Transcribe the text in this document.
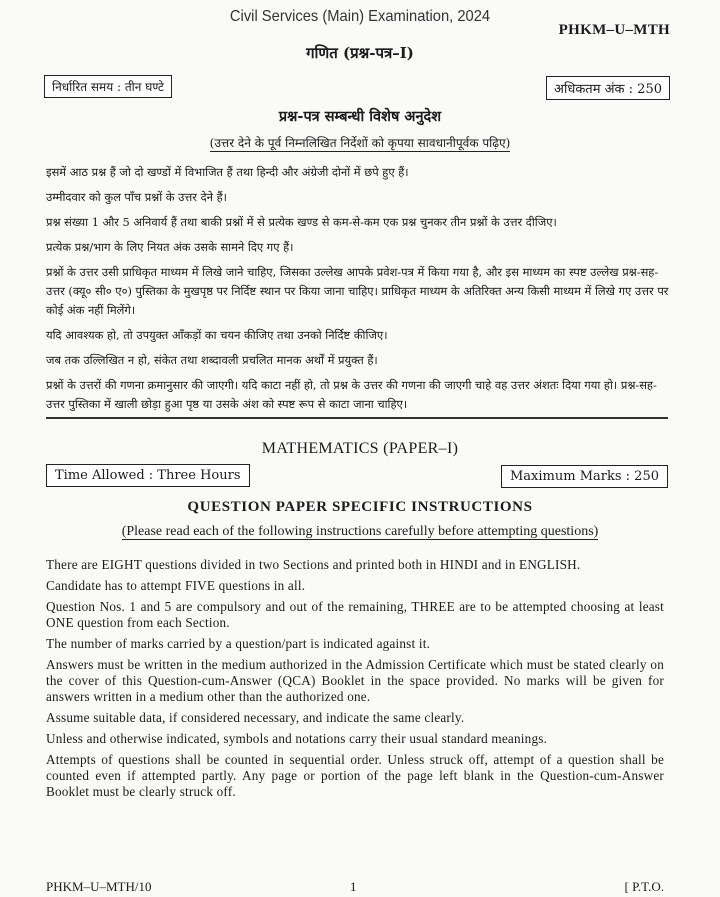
Civil Services (Main) Examination, 2024
PHKM–U–MTH
गणित (प्रश्न-पत्र–I)
निर्धारित समय : तीन घण्टे	अधिकतम अंक : 250
प्रश्न-पत्र सम्बन्धी विशेष अनुदेश
(उत्तर देने के पूर्व निम्नलिखित निर्देशों को कृपया सावधानीपूर्वक पढ़िए)

इसमें आठ प्रश्न हैं जो दो खण्डों में विभाजित हैं तथा हिन्दी और अंग्रेजी दोनों में छपे हुए हैं।

उम्मीदवार को कुल पाँच प्रश्नों के उत्तर देने हैं।

प्रश्न संख्या 1 और 5 अनिवार्य हैं तथा बाकी प्रश्नों में से प्रत्येक खण्ड से कम-से-कम एक प्रश्न चुनकर तीन प्रश्नों के उत्तर दीजिए।

प्रत्येक प्रश्न/भाग के लिए नियत अंक उसके सामने दिए गए हैं।

प्रश्नों के उत्तर उसी प्राधिकृत माध्यम में लिखे जाने चाहिए, जिसका उल्लेख आपके प्रवेश-पत्र में किया गया है, और इस माध्यम का स्पष्ट उल्लेख प्रश्न-सह-उत्तर (क्यू० सी० ए०) पुस्तिका के मुखपृष्ठ पर निर्दिष्ट स्थान पर किया जाना चाहिए। प्राधिकृत माध्यम के अतिरिक्त अन्य किसी माध्यम में लिखे गए उत्तर पर कोई अंक नहीं मिलेंगे।

यदि आवश्यक हो, तो उपयुक्त आँकड़ों का चयन कीजिए तथा उनको निर्दिष्ट कीजिए।

जब तक उल्लिखित न हो, संकेत तथा शब्दावली प्रचलित मानक अर्थों में प्रयुक्त हैं।

प्रश्नों के उत्तरों की गणना क्रमानुसार की जाएगी। यदि काटा नहीं हो, तो प्रश्न के उत्तर की गणना की जाएगी चाहे वह उत्तर अंशतः दिया गया हो। प्रश्न-सह-उत्तर पुस्तिका में खाली छोड़ा हुआ पृष्ठ या उसके अंश को स्पष्ट रूप से काटा जाना चाहिए।

MATHEMATICS (PAPER–I)
Time Allowed : Three Hours	Maximum Marks : 250
QUESTION PAPER SPECIFIC INSTRUCTIONS
(Please read each of the following instructions carefully before attempting questions)

There are EIGHT questions divided in two Sections and printed both in HINDI and in ENGLISH.

Candidate has to attempt FIVE questions in all.

Question Nos. 1 and 5 are compulsory and out of the remaining, THREE are to be attempted choosing at least ONE question from each Section.

The number of marks carried by a question/part is indicated against it.

Answers must be written in the medium authorized in the Admission Certificate which must be stated clearly on the cover of this Question-cum-Answer (QCA) Booklet in the space provided. No marks will be given for answers written in a medium other than the authorized one.

Assume suitable data, if considered necessary, and indicate the same clearly.

Unless and otherwise indicated, symbols and notations carry their usual standard meanings.

Attempts of questions shall be counted in sequential order. Unless struck off, attempt of a question shall be counted even if attempted partly. Any page or portion of the page left blank in the Question-cum-Answer Booklet must be clearly struck off.

PHKM–U–MTH/10	1	[ P.T.O.
